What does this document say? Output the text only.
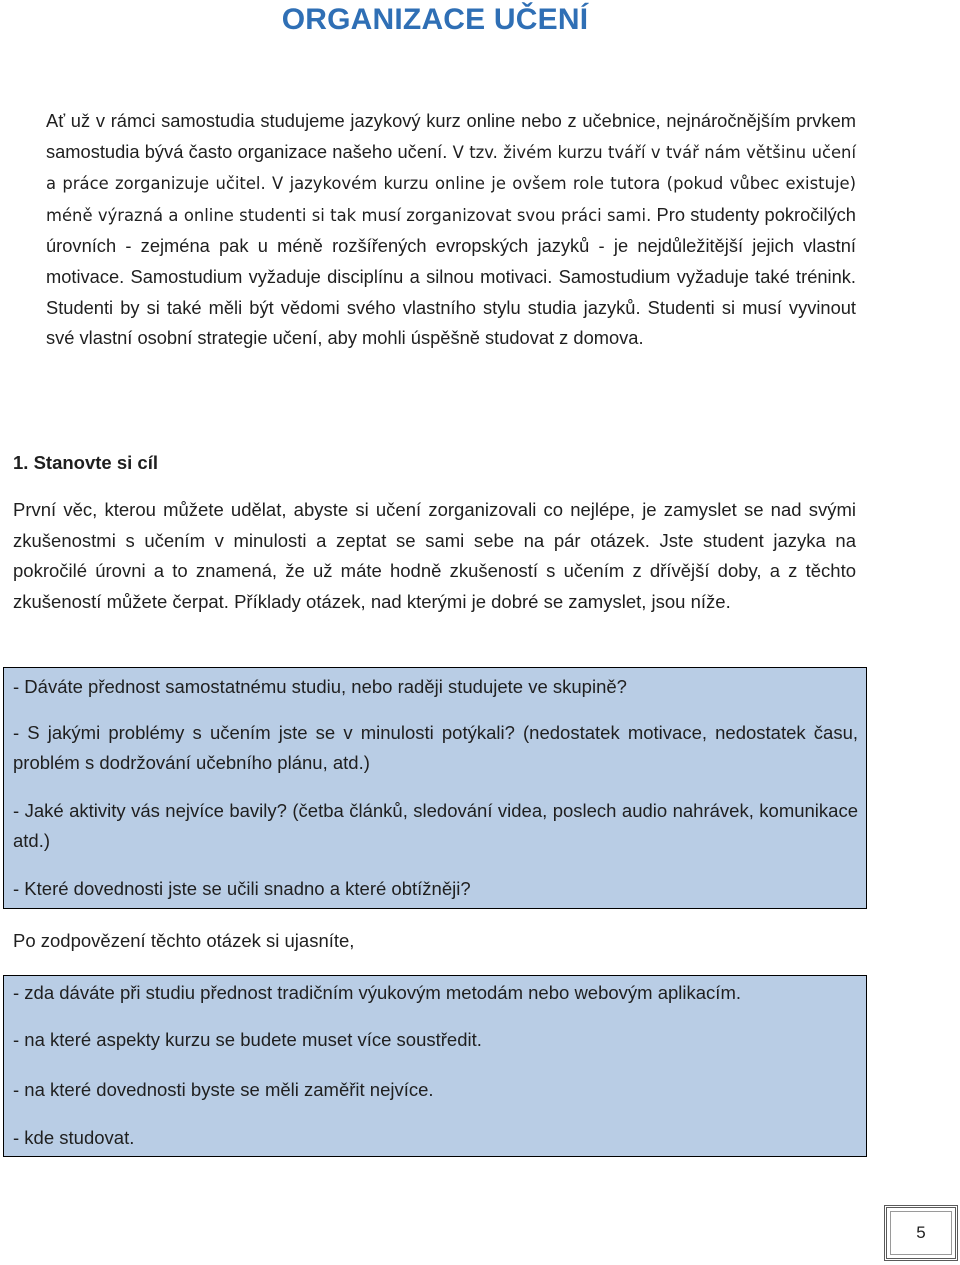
ORGANIZACE UČENÍ

Ať už v rámci samostudia studujeme jazykový kurz online nebo z učebnice, nejnáročnějším prvkem samostudia bývá často organizace našeho učení. V tzv. živém kurzu tváří v tvář nám většinu učení a práce zorganizuje učitel. V jazykovém kurzu online je ovšem role tutora (pokud vůbec existuje) méně výrazná a online studenti si tak musí zorganizovat svou práci sami. Pro studenty pokročilých úrovních - zejména pak u méně rozšířených evropských jazyků - je nejdůležitější jejich vlastní motivace. Samostudium vyžaduje disciplínu a silnou motivaci. Samostudium vyžaduje také trénink. Studenti by si také měli být vědomi svého vlastního stylu studia jazyků. Studenti si musí vyvinout své vlastní osobní strategie učení, aby mohli úspěšně studovat z domova.

1. Stanovte si cíl

První věc, kterou můžete udělat, abyste si učení zorganizovali co nejlépe, je zamyslet se nad svými zkušenostmi s učením v minulosti a zeptat se sami sebe na pár otázek. Jste student jazyka na pokročilé úrovni a to znamená, že už máte hodně zkušeností s učením z dřívější doby, a z těchto zkušeností můžete čerpat. Příklady otázek, nad kterými je dobré se zamyslet, jsou níže.

- Dáváte přednost samostatnému studiu, nebo raději studujete ve skupině?

- S jakými problémy s učením jste se v minulosti potýkali? (nedostatek motivace, nedostatek času, problém s dodržování učebního plánu, atd.)

- Jaké aktivity vás nejvíce bavily? (četba článků, sledování videa, poslech audio nahrávek, komunikace atd.)

- Které dovednosti jste se učili snadno a které obtížněji?

Po zodpovězení těchto otázek si ujasníte,

- zda dáváte při studiu přednost tradičním výukovým metodám nebo webovým aplikacím.

- na které aspekty kurzu se budete muset více soustředit.

- na které dovednosti byste se měli zaměřit nejvíce.

- kde studovat.

5
